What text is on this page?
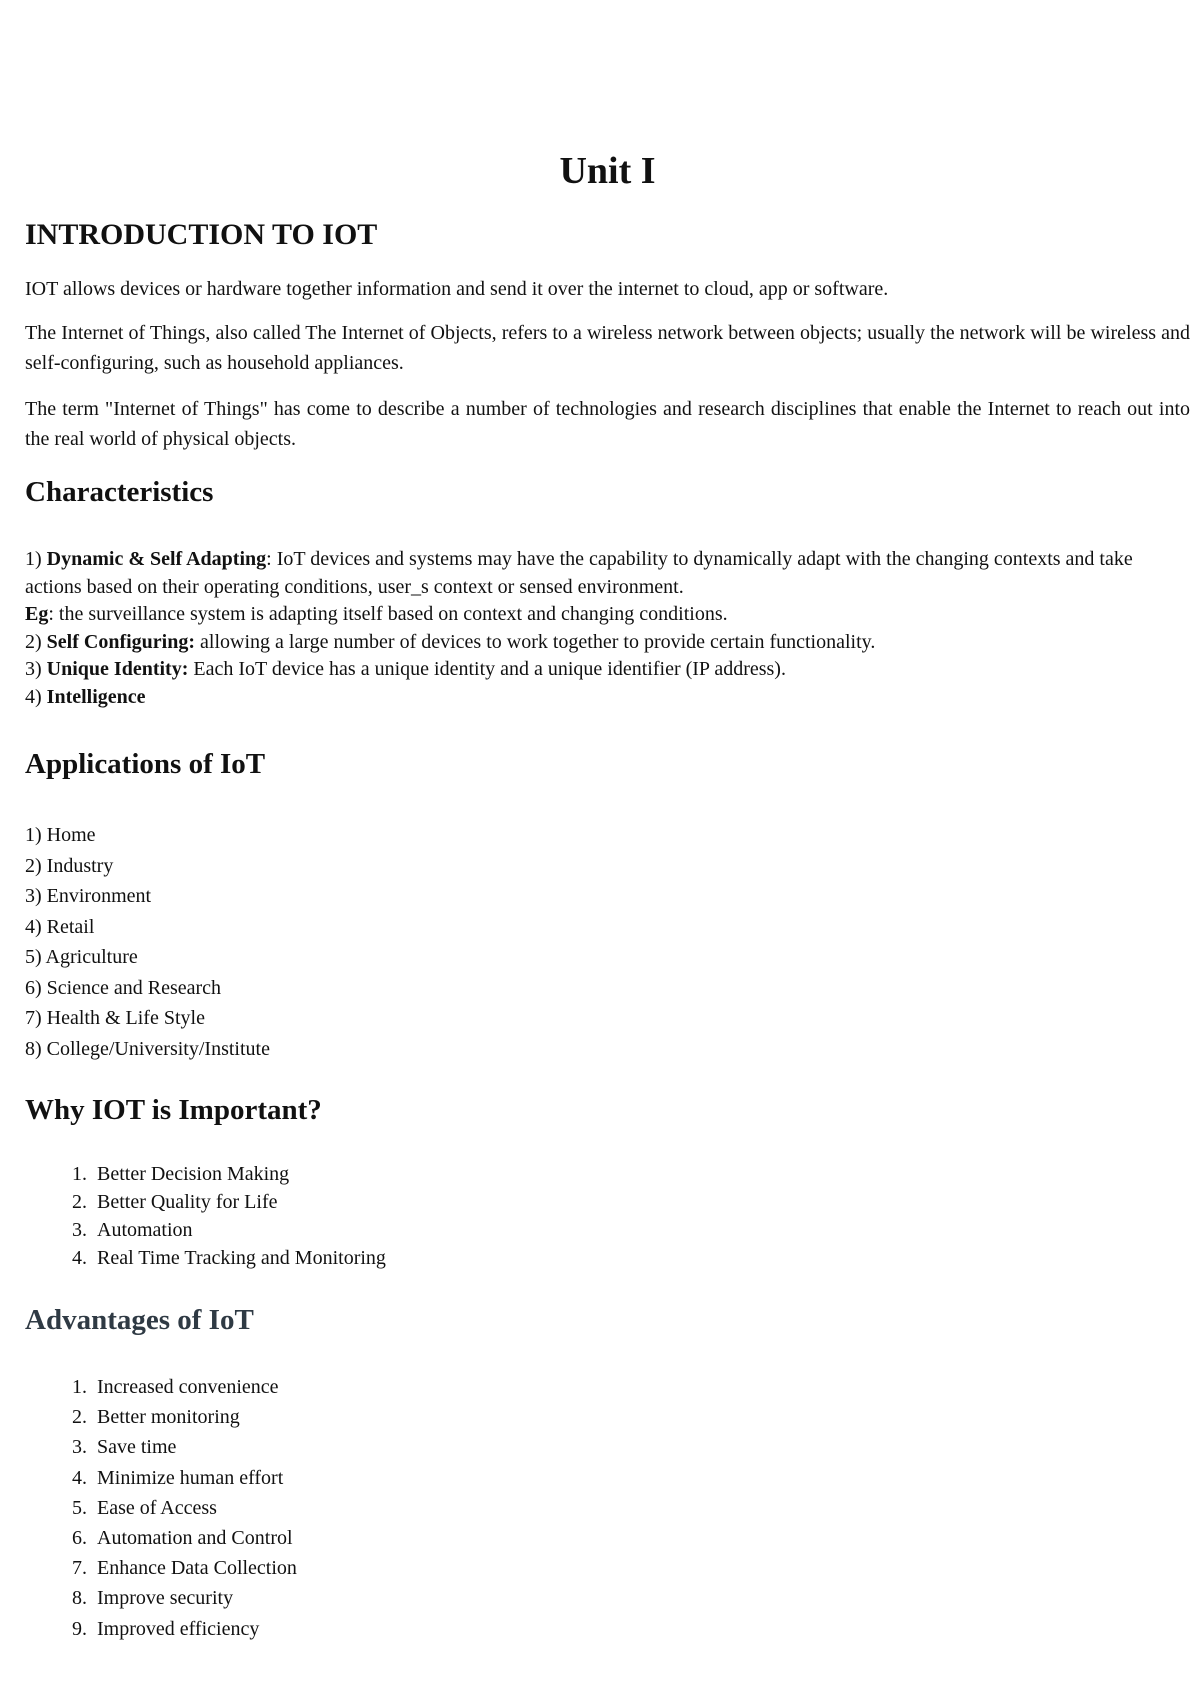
Unit I
INTRODUCTION TO IOT

IOT allows devices or hardware together information and send it over the internet to cloud, app or software.

The Internet of Things, also called The Internet of Objects, refers to a wireless network between objects; usually the network will be wireless and self-configuring, such as household appliances.

The term "Internet of Things" has come to describe a number of technologies and research disciplines that enable the Internet to reach out into the real world of physical objects.

Characteristics

1) Dynamic & Self Adapting: IoT devices and systems may have the capability to dynamically adapt with the changing contexts and take actions based on their operating conditions, user_s context or sensed environment.

Eg: the surveillance system is adapting itself based on context and changing conditions.

2) Self Configuring: allowing a large number of devices to work together to provide certain functionality.

3) Unique Identity: Each IoT device has a unique identity and a unique identifier (IP address).

4) Intelligence

Applications of IoT
1) Home
2) Industry
3) Environment
4) Retail
5) Agriculture
6) Science and Research
7) Health & Life Style
8) College/University/Institute
Why IOT is Important?
1. Better Decision Making
2. Better Quality for Life
3. Automation
4. Real Time Tracking and Monitoring
Advantages of IoT
1. Increased convenience
2. Better monitoring
3. Save time
4. Minimize human effort
5. Ease of Access
6. Automation and Control
7. Enhance Data Collection
8. Improve security
9. Improved efficiency
